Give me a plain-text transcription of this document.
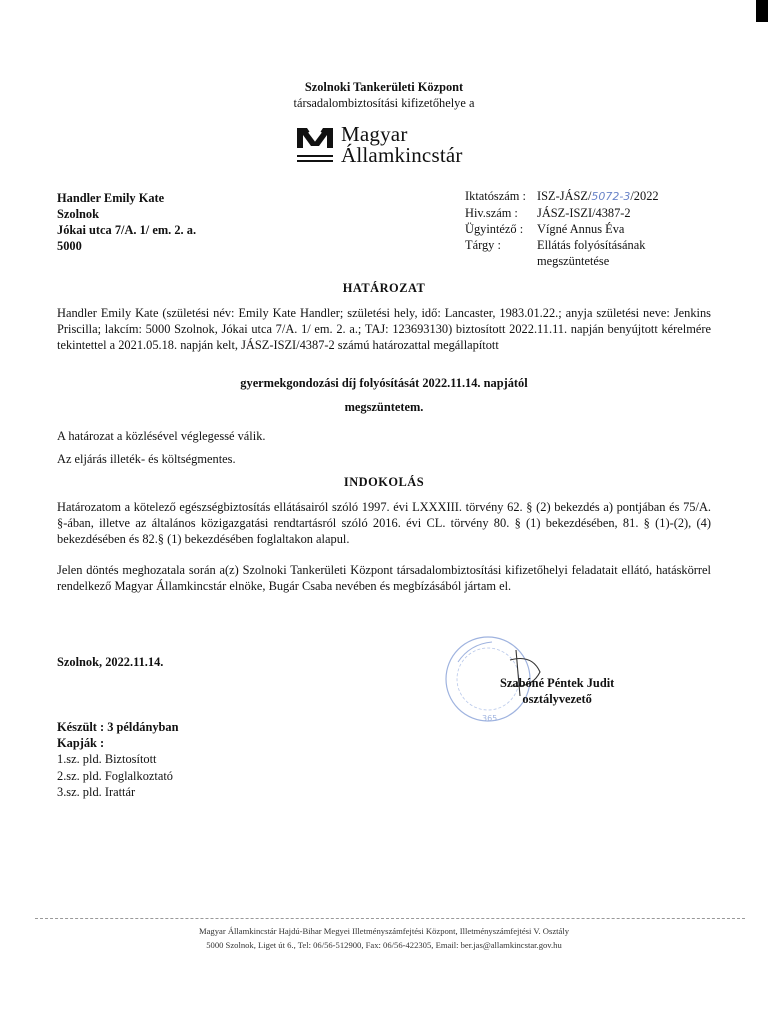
Szolnoki Tankerületi Központ
társadalombiztosítási kifizetőhelye a
Magyar
Államkincstár
Handler Emily Kate
Szolnok
Jókai utca 7/A. 1/ em. 2. a.
5000
Iktatószám : ISZ-JÁSZ/5072-3/2022
Hiv.szám :	JÁSZ-ISZI/4387-2
Ügyintéző :	Vígné Annus Éva
Tárgy :	Ellátás folyósításának megszüntetése
HATÁROZAT
Handler Emily Kate (születési név: Emily Kate Handler; születési hely, idő: Lancaster, 1983.01.22.; anyja születési neve: Jenkins Priscilla; lakcím: 5000 Szolnok, Jókai utca 7/A. 1/ em. 2. a.; TAJ: 123693130) biztosított 2022.11.11. napján benyújtott kérelmére tekintettel a 2021.05.18. napján kelt, JÁSZ-ISZI/4387-2 számú határozattal megállapított
gyermekgondozási díj folyósítását 2022.11.14. napjától
megszüntetem.
A határozat a közlésével véglegessé válik.
Az eljárás illeték- és költségmentes.
INDOKOLÁS
Határozatom a kötelező egészségbiztosítás ellátásairól szóló 1997. évi LXXXIII. törvény 62. § (2) bekezdés a) pontjában és 75/A. §-ában, illetve az általános közigazgatási rendtartásról szóló 2016. évi CL. törvény 80. § (1) bekezdésében, 81. § (1)-(2), (4) bekezdésében és 82.§ (1) bekezdésében foglaltakon alapul.
Jelen döntés meghozatala során a(z) Szolnoki Tankerületi Központ társadalombiztosítási kifizetőhelyi feladatait ellátó, hatáskörrel rendelkező Magyar Államkincstár elnöke, Bugár Csaba nevében és megbízásából jártam el.
Szolnok, 2022.11.14.
365
Szabóné Péntek Judit
osztályvezető
Készült : 3 példányban
Kapják :
1.sz. pld. Biztosított
2.sz. pld. Foglalkoztató
3.sz. pld. Irattár
Magyar Államkincstár Hajdú-Bihar Megyei Illetményszámfejtési Központ, Illetményszámfejtési V. Osztály
5000 Szolnok, Liget út 6., Tel: 06/56-512900, Fax: 06/56-422305, Email: ber.jas@allamkincstar.gov.hu
